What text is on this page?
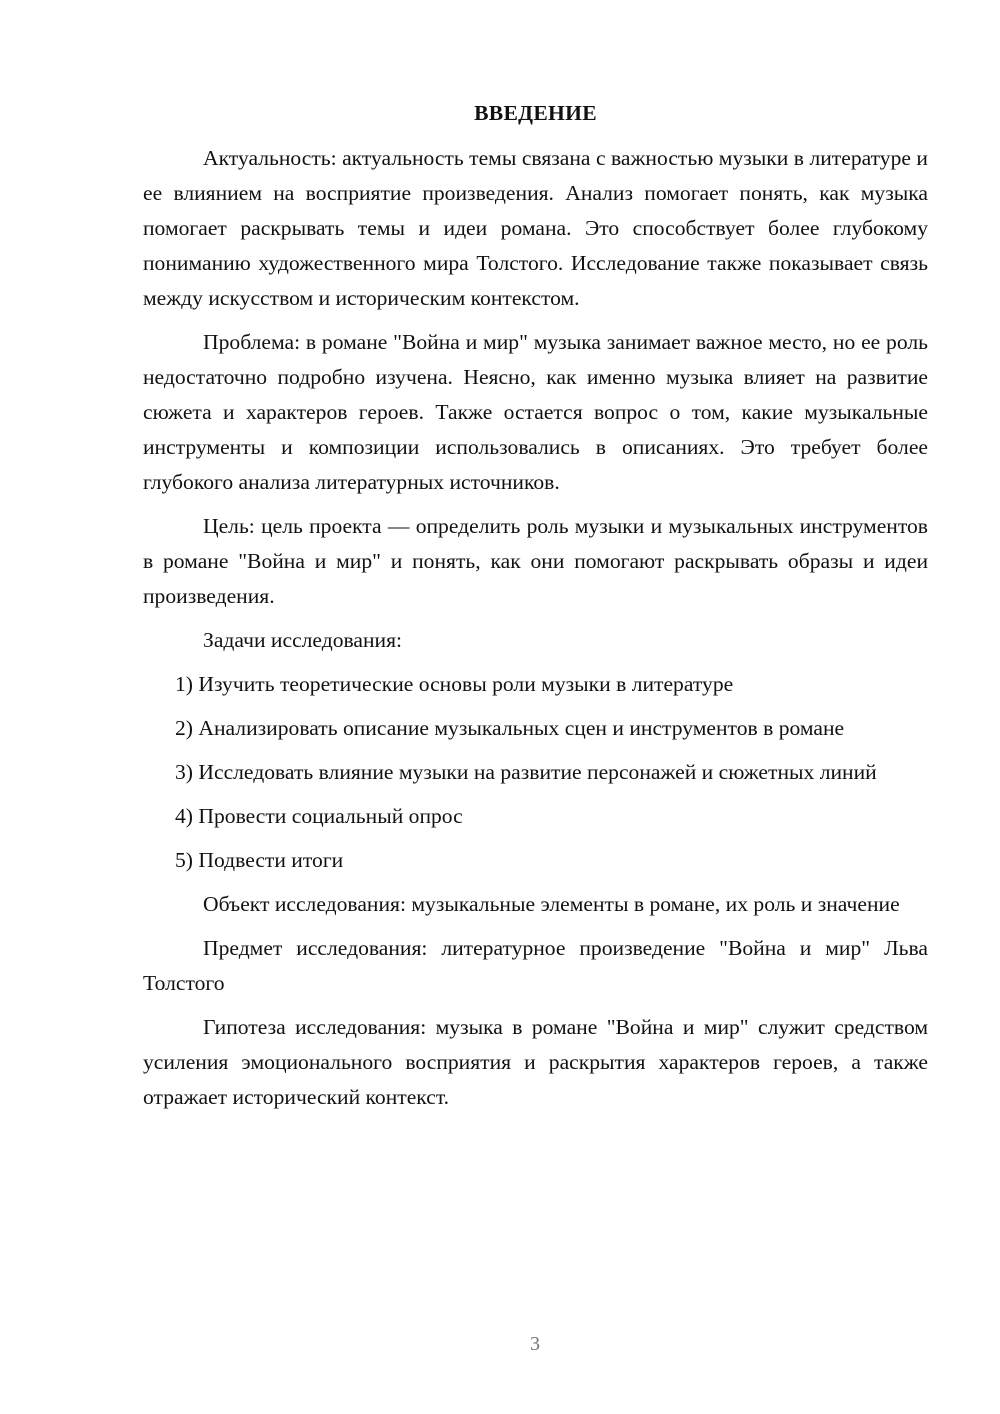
ВВЕДЕНИЕ

Актуальность: актуальность темы связана с важностью музыки в литературе и ее влиянием на восприятие произведения. Анализ помогает понять, как музыка помогает раскрывать темы и идеи романа. Это способствует более глубокому пониманию художественного мира Толстого. Исследование также показывает связь между искусством и историческим контекстом.

Проблема: в романе "Война и мир" музыка занимает важное место, но ее роль недостаточно подробно изучена. Неясно, как именно музыка влияет на развитие сюжета и характеров героев. Также остается вопрос о том, какие музыкальные инструменты и композиции использовались в описаниях. Это требует более глубокого анализа литературных источников.

Цель: цель проекта — определить роль музыки и музыкальных инструментов в романе "Война и мир" и понять, как они помогают раскрывать образы и идеи произведения.

Задачи исследования:

1) Изучить теоретические основы роли музыки в литературе

2) Анализировать описание музыкальных сцен и инструментов в романе

3) Исследовать влияние музыки на развитие персонажей и сюжетных линий

4) Провести социальный опрос

5) Подвести итоги

Объект исследования: музыкальные элементы в романе, их роль и значение

Предмет исследования: литературное произведение "Война и мир" Льва Толстого

Гипотеза исследования: музыка в романе "Война и мир" служит средством усиления эмоционального восприятия и раскрытия характеров героев, а также отражает исторический контекст.

3
